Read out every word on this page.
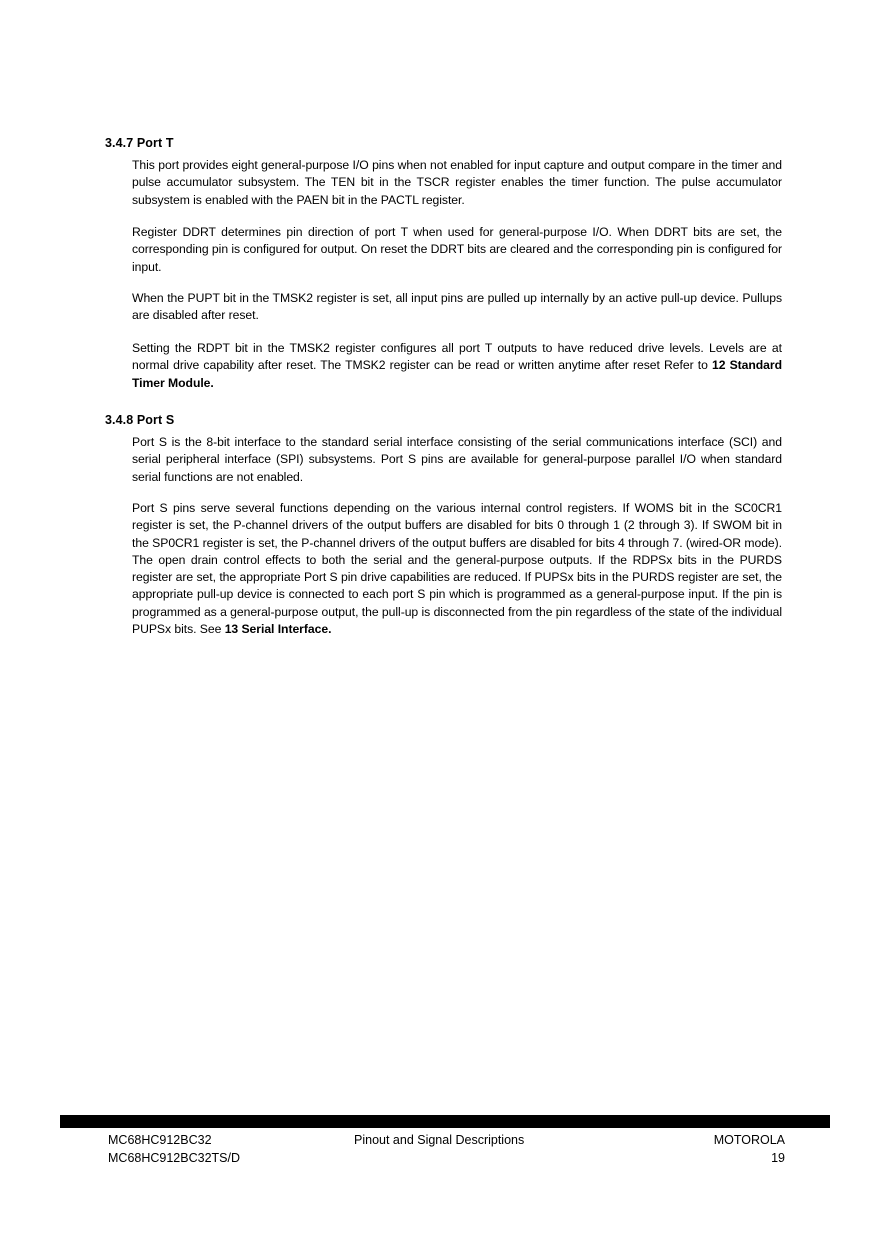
3.4.7 Port T

This port provides eight general-purpose I/O pins when not enabled for input capture and output compare in the timer and pulse accumulator subsystem. The TEN bit in the TSCR register enables the timer function. The pulse accumulator subsystem is enabled with the PAEN bit in the PACTL register.

Register DDRT determines pin direction of port T when used for general-purpose I/O. When DDRT bits are set, the corresponding pin is configured for output. On reset the DDRT bits are cleared and the corresponding pin is configured for input.

When the PUPT bit in the TMSK2 register is set, all input pins are pulled up internally by an active pull-up device. Pullups are disabled after reset.

Setting the RDPT bit in the TMSK2 register configures all port T outputs to have reduced drive levels. Levels are at normal drive capability after reset. The TMSK2 register can be read or written anytime after reset Refer to 12 Standard Timer Module.

3.4.8 Port S

Port S is the 8-bit interface to the standard serial interface consisting of the serial communications interface (SCI) and serial peripheral interface (SPI) subsystems. Port S pins are available for general-purpose parallel I/O when standard serial functions are not enabled.

Port S pins serve several functions depending on the various internal control registers. If WOMS bit in the SC0CR1 register is set, the P-channel drivers of the output buffers are disabled for bits 0 through 1 (2 through 3). If SWOM bit in the SP0CR1 register is set, the P-channel drivers of the output buffers are disabled for bits 4 through 7. (wired-OR mode). The open drain control effects to both the serial and the general-purpose outputs. If the RDPSx bits in the PURDS register are set, the appropriate Port S pin drive capabilities are reduced. If PUPSx bits in the PURDS register are set, the appropriate pull-up device is connected to each port S pin which is programmed as a general-purpose input. If the pin is programmed as a general-purpose output, the pull-up is disconnected from the pin regardless of the state of the individual PUPSx bits. See 13 Serial Interface.

MC68HC912BC32

MC68HC912BC32TS/D

Pinout and Signal Descriptions	MOTOROLA

19
